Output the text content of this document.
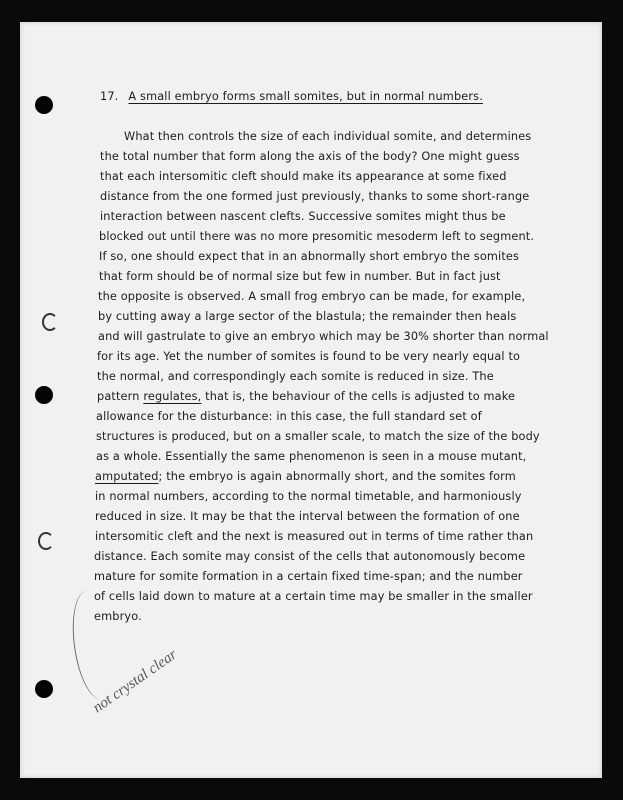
17. A small embryo forms small somites, but in normal numbers.
What then controls the size of each individual somite, and determines
the total number that form along the axis of the body? One might guess
that each intersomitic cleft should make its appearance at some fixed
distance from the one formed just previously, thanks to some short-range
interaction between nascent clefts. Successive somites might thus be
blocked out until there was no more presomitic mesoderm left to segment.
If so, one should expect that in an abnormally short embryo the somites
that form should be of normal size but few in number. But in fact just
the opposite is observed. A small frog embryo can be made, for example,
by cutting away a large sector of the blastula; the remainder then heals
and will gastrulate to give an embryo which may be 30% shorter than normal
for its age. Yet the number of somites is found to be very nearly equal to
the normal, and correspondingly each somite is reduced in size. The
pattern regulates, that is, the behaviour of the cells is adjusted to make
allowance for the disturbance: in this case, the full standard set of
structures is produced, but on a smaller scale, to match the size of the body
as a whole. Essentially the same phenomenon is seen in a mouse mutant,
amputated; the embryo is again abnormally short, and the somites form
in normal numbers, according to the normal timetable, and harmoniously
reduced in size. It may be that the interval between the formation of one
intersomitic cleft and the next is measured out in terms of time rather than
distance. Each somite may consist of the cells that autonomously become
mature for somite formation in a certain fixed time-span; and the number
of cells laid down to mature at a certain time may be smaller in the smaller
embryo.
not crystal clear
